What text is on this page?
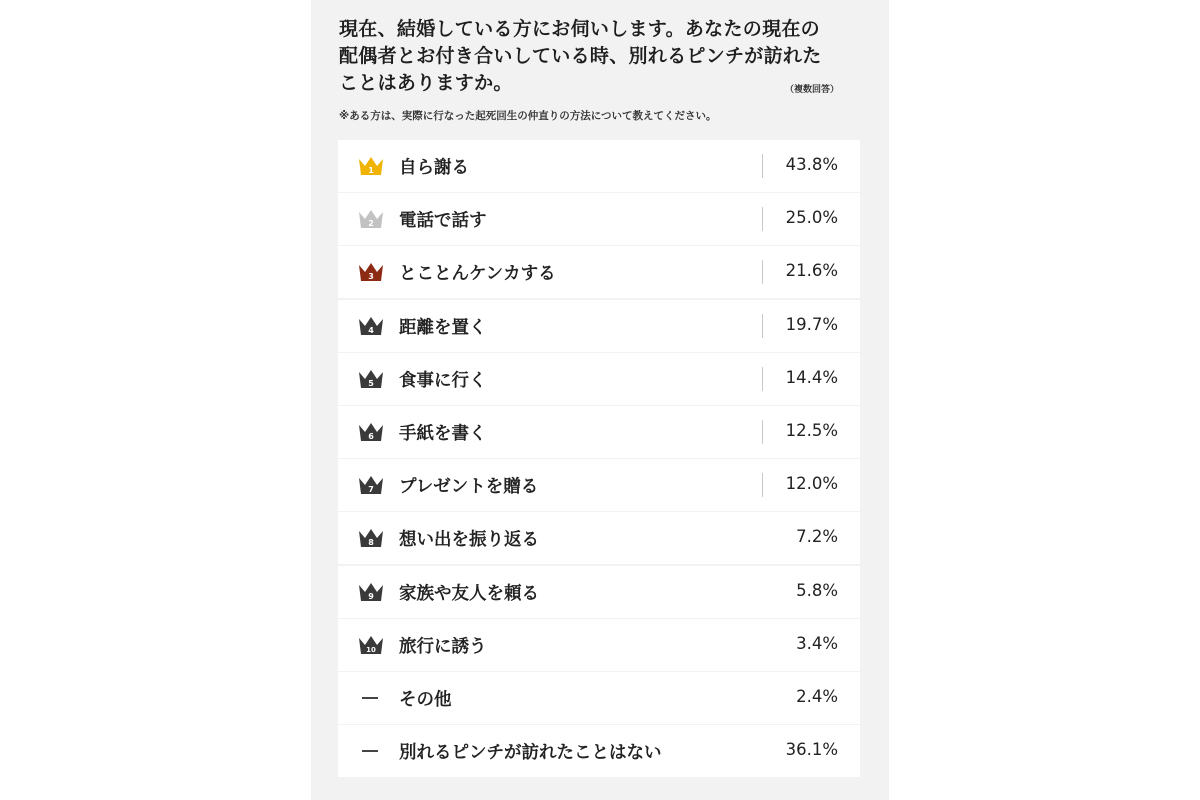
現在、結婚している方にお伺いします。あなたの現在の配偶者とお付き合いしている時、別れるピンチが訪れたことはありますか。	（複数回答）
※ある方は、実際に行なった起死回生の仲直りの方法について教えてください。
1 自ら謝る	43.8%
2 電話で話す	25.0%
3 とことんケンカする	21.6%
4 距離を置く	19.7%
5 食事に行く	14.4%
6 手紙を書く	12.5%
7 プレゼントを贈る	12.0%
8 想い出を振り返る	7.2%
9 家族や友人を頼る	5.8%
10 旅行に誘う	3.4%
その他	2.4%
別れるピンチが訪れたことはない	36.1%
